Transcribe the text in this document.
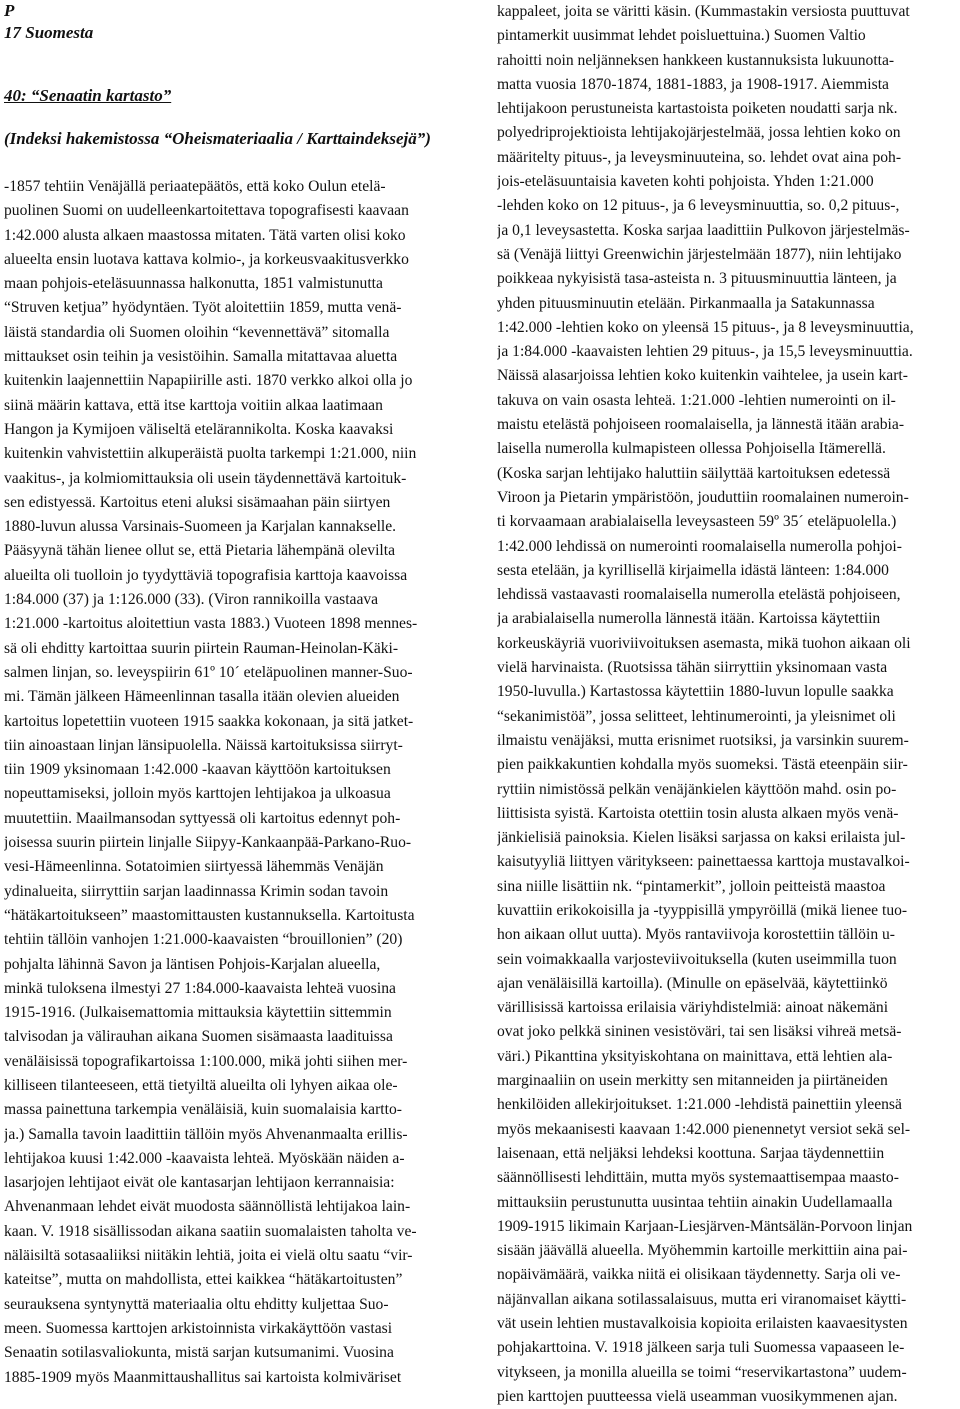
P
17 Suomesta
40: “Senaatin kartasto”
(Indeksi hakemistossa “Oheismateriaalia / Karttaindeksejä”)
-1857 tehtiin Venäjällä periaatepäätös, että koko Oulun etelä-
puolinen Suomi on uudelleenkartoitettava topografisesti kaavaan
1:42.000 alusta alkaen maastossa mitaten. Tätä varten olisi koko
alueelta ensin luotava kattava kolmio-, ja korkeusvaakitusverkko
maan pohjois-eteläsuunnassa halkonutta, 1851 valmistunutta
“Struven ketjua” hyödyntäen. Työt aloitettiin 1859, mutta venä-
läistä standardia oli Suomen oloihin “kevennettävä” sitomalla
mittaukset osin teihin ja vesistöihin. Samalla mitattavaa aluetta
kuitenkin laajennettiin Napapiirille asti. 1870 verkko alkoi olla jo
siinä määrin kattava, että itse karttoja voitiin alkaa laatimaan
Hangon ja Kymijoen väliseltä etelärannikolta. Koska kaavaksi
kuitenkin vahvistettiin alkuperäistä puolta tarkempi 1:21.000, niin
vaakitus-, ja kolmiomittauksia oli usein täydennettävä kartoituk-
sen edistyessä. Kartoitus eteni aluksi sisämaahan päin siirtyen
1880-luvun alussa Varsinais-Suomeen ja Karjalan kannakselle.
Pääsyynä tähän lienee ollut se, että Pietaria lähempänä olevilta
alueilta oli tuolloin jo tyydyttäviä topografisia karttoja kaavoissa
1:84.000 (37) ja 1:126.000 (33). (Viron rannikoilla vastaava
1:21.000 -kartoitus aloitettiun vasta 1883.) Vuoteen 1898 mennes-
sä oli ehditty kartoittaa suurin piirtein Rauman-Heinolan-Käki-
salmen linjan, so. leveyspiirin 61º 10´ eteläpuolinen manner-Suo-
mi. Tämän jälkeen Hämeenlinnan tasalla itään olevien alueiden
kartoitus lopetettiin vuoteen 1915 saakka kokonaan, ja sitä jatket-
tiin ainoastaan linjan länsipuolella. Näissä kartoituksissa siirryt-
tiin 1909 yksinomaan 1:42.000 -kaavan käyttöön kartoituksen
nopeuttamiseksi, jolloin myös karttojen lehtijakoa ja ulkoasua
muutettiin. Maailmansodan syttyessä oli kartoitus edennyt poh-
joisessa suurin piirtein linjalle Siipyy-Kankaanpää-Parkano-Ruo-
vesi-Hämeenlinna. Sotatoimien siirtyessä lähemmäs Venäjän
ydinalueita, siirryttiin sarjan laadinnassa Krimin sodan tavoin
“hätäkartoitukseen” maastomittausten kustannuksella. Kartoitusta
tehtiin tällöin vanhojen 1:21.000-kaavaisten “brouillonien” (20)
pohjalta lähinnä Savon ja läntisen Pohjois-Karjalan alueella,
minkä tuloksena ilmestyi 27 1:84.000-kaavaista lehteä vuosina
1915-1916. (Julkaisemattomia mittauksia käytettiin sittemmin
talvisodan ja välirauhan aikana Suomen sisämaasta laadituissa
venäläisissä topografikartoissa 1:100.000, mikä johti siihen mer-
killiseen tilanteeseen, että tietyiltä alueilta oli lyhyen aikaa ole-
massa painettuna tarkempia venäläisiä, kuin suomalaisia kartto-
ja.) Samalla tavoin laadittiin tällöin myös Ahvenanmaalta erillis-
lehtijakoa kuusi 1:42.000 -kaavaista lehteä. Myöskään näiden a-
lasarjojen lehtijaot eivät ole kantasarjan lehtijaon kerrannaisia:
Ahvenanmaan lehdet eivät muodosta säännöllistä lehtijakoa lain-
kaan. V. 1918 sisällissodan aikana saatiin suomalaisten taholta ve-
näläisiltä sotasaaliiksi niitäkin lehtiä, joita ei vielä oltu saatu “vir-
kateitse”, mutta on mahdollista, ettei kaikkea “hätäkartoitusten”
seurauksena syntynyttä materiaalia oltu ehditty kuljettaa Suo-
meen. Suomessa karttojen arkistoinnista virkakäyttöön vastasi
Senaatin sotilasvaliokunta, mistä sarjan kutsumanimi. Vuosina
1885-1909 myös Maanmittaushallitus sai kartoista kolmiväriset
kappaleet, joita se väritti käsin. (Kummastakin versiosta puuttuvat
pintamerkit uusimmat lehdet poisluettuina.) Suomen Valtio
rahoitti noin neljänneksen hankkeen kustannuksista lukuunotta-
matta vuosia 1870-1874, 1881-1883, ja 1908-1917. Aiemmista
lehtijakoon perustuneista kartastoista poiketen noudatti sarja nk.
polyedriprojektioista lehtijakojärjestelmää, jossa lehtien koko on
määritelty pituus-, ja leveysminuuteina, so. lehdet ovat aina poh-
jois-eteläsuuntaisia kaveten kohti pohjoista. Yhden 1:21.000
-lehden koko on 12 pituus-, ja 6 leveysminuuttia, so. 0,2 pituus-,
ja 0,1 leveysastetta. Koska sarjaa laadittiin Pulkovon järjestelmäs-
sä (Venäjä liittyi Greenwichin järjestelmään 1877), niin lehtijako
poikkeaa nykyisistä tasa-asteista n. 3 pituusminuuttia länteen, ja
yhden pituusminuutin etelään. Pirkanmaalla ja Satakunnassa
1:42.000 -lehtien koko on yleensä 15 pituus-, ja 8 leveysminuuttia,
ja 1:84.000 -kaavaisten lehtien 29 pituus-, ja 15,5 leveysminuuttia.
Näissä alasarjoissa lehtien koko kuitenkin vaihtelee, ja usein kart-
takuva on vain osasta lehteä. 1:21.000 -lehtien numerointi on il-
maistu etelästä pohjoiseen roomalaisella, ja lännestä itään arabia-
laisella numerolla kulmapisteen ollessa Pohjoisella Itämerellä.
(Koska sarjan lehtijako haluttiin säilyttää kartoituksen edetessä
Viroon ja Pietarin ympäristöön, jouduttiin roomalainen numeroin-
ti korvaamaan arabialaisella leveysasteen 59º 35´ eteläpuolella.)
1:42.000 lehdissä on numerointi roomalaisella numerolla pohjoi-
sesta etelään, ja kyrillisellä kirjaimella idästä länteen: 1:84.000
lehdissä vastaavasti roomalaisella numerolla etelästä pohjoiseen,
ja arabialaisella numerolla lännestä itään. Kartoissa käytettiin
korkeuskäyriä vuoriviivoituksen asemasta, mikä tuohon aikaan oli
vielä harvinaista. (Ruotsissa tähän siirryttiin yksinomaan vasta
1950-luvulla.) Kartastossa käytettiin 1880-luvun lopulle saakka
“sekanimistöä”, jossa selitteet, lehtinumerointi, ja yleisnimet oli
ilmaistu venäjäksi, mutta erisnimet ruotsiksi, ja varsinkin suurem-
pien paikkakuntien kohdalla myös suomeksi. Tästä eteenpäin siir-
ryttiin nimistössä pelkän venäjänkielen käyttöön mahd. osin po-
liittisista syistä. Kartoista otettiin tosin alusta alkaen myös venä-
jänkielisiä painoksia. Kielen lisäksi sarjassa on kaksi erilaista jul-
kaisutyyliä liittyen väritykseen: painettaessa karttoja mustavalkoi-
sina niille lisättiin nk. “pintamerkit”, jolloin peitteistä maastoa
kuvattiin erikokoisilla ja -tyyppisillä ympyröillä (mikä lienee tuo-
hon aikaan ollut uutta). Myös rantaviivoja korostettiin tällöin u-
sein voimakkaalla varjosteviivoituksella (kuten useimmilla tuon
ajan venäläisillä kartoilla). (Minulle on epäselvää, käytettiinkö
värillisissä kartoissa erilaisia väriyhdistelmiä: ainoat näkemäni
ovat joko pelkkä sininen vesistöväri, tai sen lisäksi vihreä metsä-
väri.) Pikanttina yksityiskohtana on mainittava, että lehtien ala-
marginaaliin on usein merkitty sen mitanneiden ja piirtäneiden
henkilöiden allekirjoitukset. 1:21.000 -lehdistä painettiin yleensä
myös mekaanisesti kaavaan 1:42.000 pienennetyt versiot sekä sel-
laisenaan, että neljäksi lehdeksi koottuna. Sarjaa täydennettiin
säännöllisesti lehdittäin, mutta myös systemaattisempaa maasto-
mittauksiin perustunutta uusintaa tehtiin ainakin Uudellamaalla
1909-1915 likimain Karjaan-Liesjärven-Mäntsälän-Porvoon linjan
sisään jäävällä alueella. Myöhemmin kartoille merkittiin aina pai-
nopäivämäärä, vaikka niitä ei olisikaan täydennetty. Sarja oli ve-
näjänvallan aikana sotilassalaisuus, mutta eri viranomaiset käytti-
vät usein lehtien mustavalkoisia kopioita erilaisten kaavaesitysten
pohjakarttoina. V. 1918 jälkeen sarja tuli Suomessa vapaaseen le-
vitykseen, ja monilla alueilla se toimi “reservikartastona” uudem-
pien karttojen puutteessa vielä useamman vuosikymmenen ajan.
